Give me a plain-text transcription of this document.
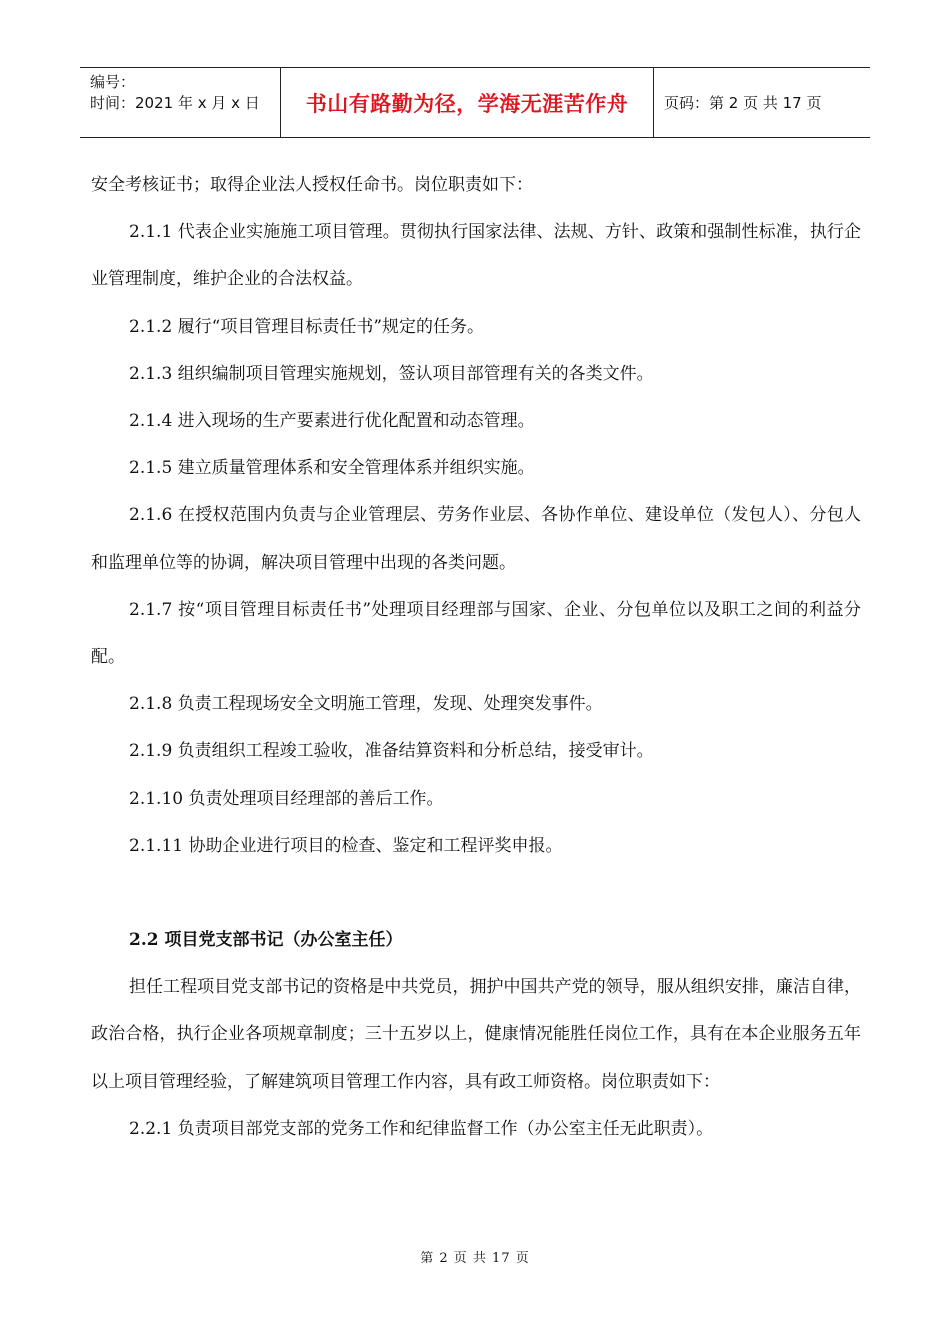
编号：
时间：2021 年 x 月 x 日	书山有路勤为径，学海无涯苦作舟	页码：第 2 页 共 17 页

安全考核证书；取得企业法人授权任命书。岗位职责如下：

2.1.1 代表企业实施施工项目管理。贯彻执行国家法律、法规、方针、政策和强制性标准，执行企业管理制度，维护企业的合法权益。

2.1.2 履行“项目管理目标责任书”规定的任务。

2.1.3 组织编制项目管理实施规划，签认项目部管理有关的各类文件。

2.1.4 进入现场的生产要素进行优化配置和动态管理。

2.1.5 建立质量管理体系和安全管理体系并组织实施。

2.1.6 在授权范围内负责与企业管理层、劳务作业层、各协作单位、建设单位（发包人）、分包人和监理单位等的协调，解决项目管理中出现的各类问题。

2.1.7 按“项目管理目标责任书”处理项目经理部与国家、企业、分包单位以及职工之间的利益分配。

2.1.8 负责工程现场安全文明施工管理，发现、处理突发事件。

2.1.9 负责组织工程竣工验收，准备结算资料和分析总结，接受审计。

2.1.10 负责处理项目经理部的善后工作。

2.1.11 协助企业进行项目的检查、鉴定和工程评奖申报。

2.2 项目党支部书记（办公室主任）

担任工程项目党支部书记的资格是中共党员，拥护中国共产党的领导，服从组织安排，廉洁自律，政治合格，执行企业各项规章制度；三十五岁以上，健康情况能胜任岗位工作，具有在本企业服务五年以上项目管理经验，了解建筑项目管理工作内容，具有政工师资格。岗位职责如下：

2.2.1 负责项目部党支部的党务工作和纪律监督工作（办公室主任无此职责）。

第 2 页 共 17 页
